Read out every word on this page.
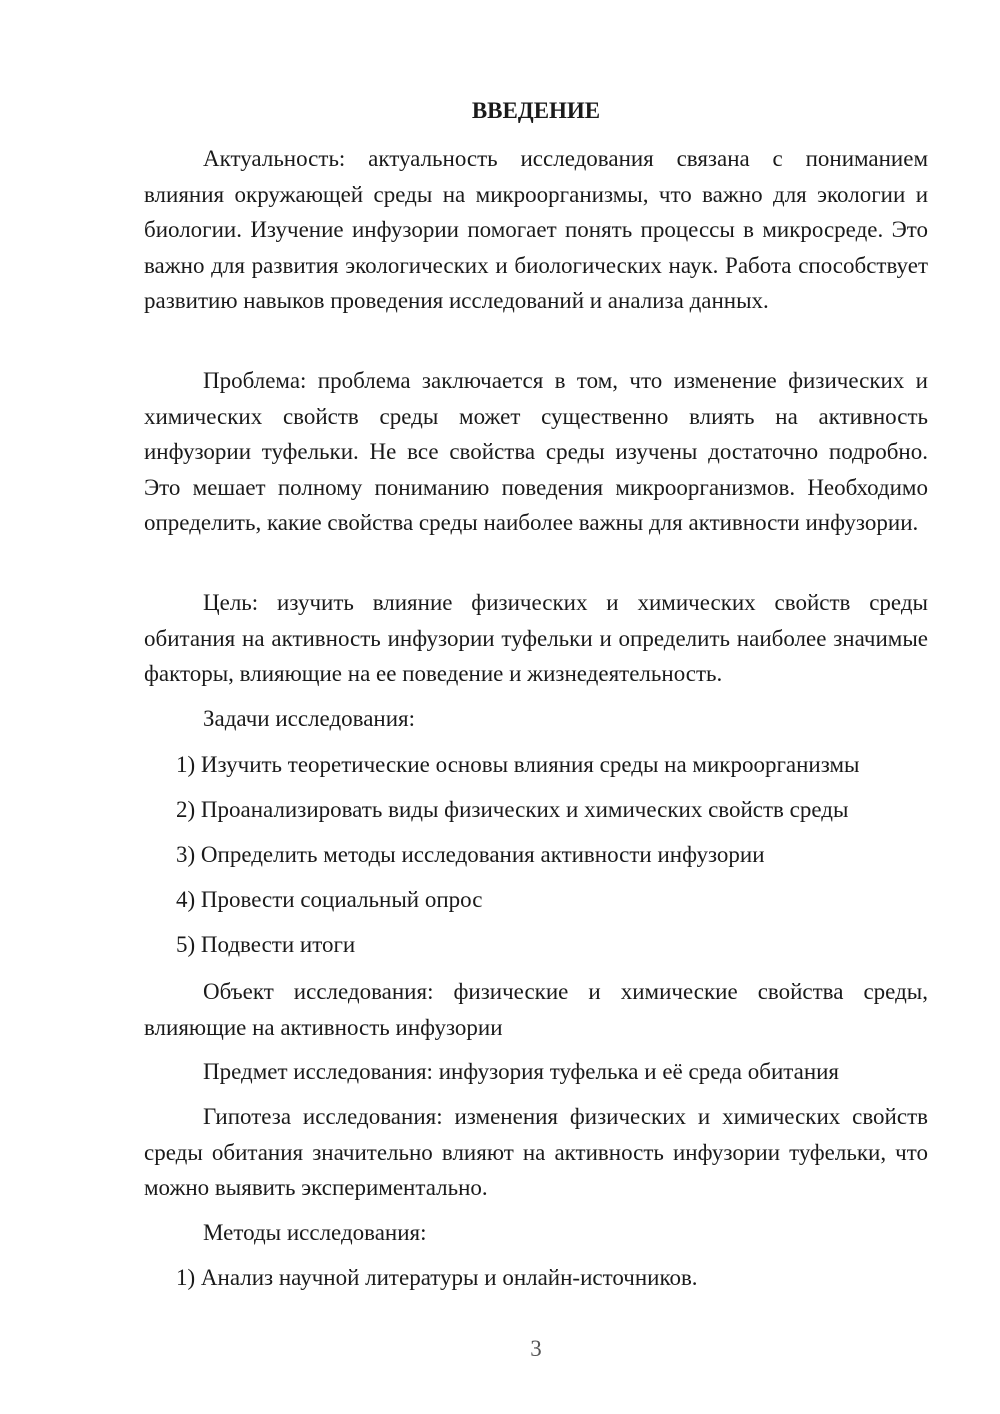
ВВЕДЕНИЕ

Актуальность: актуальность исследования связана с пониманием влияния окружающей среды на микроорганизмы, что важно для экологии и биологии. Изучение инфузории помогает понять процессы в микросреде. Это важно для развития экологических и биологических наук. Работа способствует развитию навыков проведения исследований и анализа данных.

Проблема: проблема заключается в том, что изменение физических и химических свойств среды может существенно влиять на активность инфузории туфельки. Не все свойства среды изучены достаточно подробно. Это мешает полному пониманию поведения микроорганизмов. Необходимо определить, какие свойства среды наиболее важны для активности инфузории.

Цель: изучить влияние физических и химических свойств среды обитания на активность инфузории туфельки и определить наиболее значимые факторы, влияющие на ее поведение и жизнедеятельность.

Задачи исследования:

1) Изучить теоретические основы влияния среды на микроорганизмы

2) Проанализировать виды физических и химических свойств среды

3) Определить методы исследования активности инфузории

4) Провести социальный опрос

5) Подвести итоги

Объект исследования: физические и химические свойства среды, влияющие на активность инфузории

Предмет исследования: инфузория туфелька и её среда обитания

Гипотеза исследования: изменения физических и химических свойств среды обитания значительно влияют на активность инфузории туфельки, что можно выявить экспериментально.

Методы исследования:

1) Анализ научной литературы и онлайн-источников.

3
